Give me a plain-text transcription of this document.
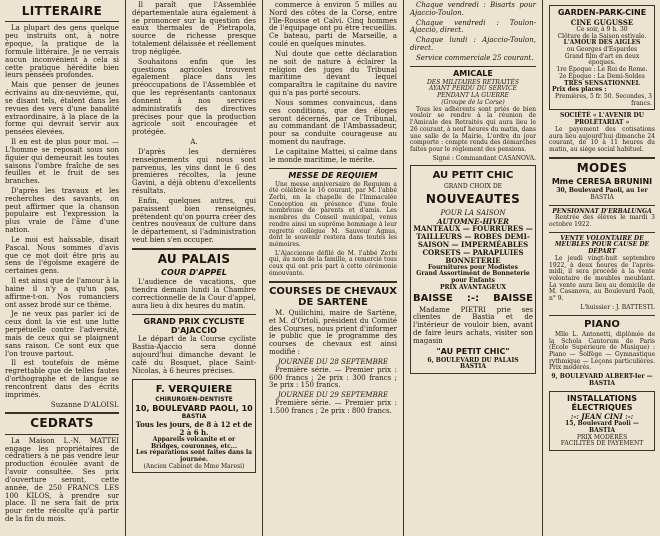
LITTERAIRE

La plupart des gens quelque peu instruits ont, à notre époque, la pratique de la formule littéraire. Je ne verrais aucun inconvénient à cela si cette pratique hérédite bien leurs pensées profondes.

Mais que penser de jeunes écrivains au dix-neuvième, qui, se disant tels, étalent dans les revues des vers d'une banalité extraordinaire, à la place de la forme qui devrait servir aux pensées élevées.

Il en est de plus pour moi. — L'homme se reposait sous son figuier qui demeurait les toutes saisons l'ombre fraîche de ses feuilles et le fruit de ses branches.

D'après les travaux et les recherches des savants, on peut affirmer que la chanson populaire est l'expression la plus vraie de l'âme d'une nation.

Le moi est haïssable, disait Pascal. Nous sommes d'avis que ce mot doit être pris au sens de l'égoïsme exagéré de certaines gens.

Il est ainsi que de l'amour à la haine il n'y a qu'un pas, affirme-t-on. Nos romanciers ont assez brodé sur ce thème.

Je ne veux pas parler ici de ceux dont la vie est une lutte perpétuelle contre l'adversité, mais de ceux qui se plaignent sans raison. Ce sont eux que l'on trouve partout.

Il est toutefois de même regrettable que de telles fautes d'orthographe et de langue se rencontrent dans des écrits imprimés.

Suzanne D'ALOISI.

CEDRATS

La Maison L.-N. MATTEI engage les propriétaires de cédratiers à ne pas vendre leur production écoulée avant de l'avoir consultée. Ses prix d'ouverture seront, cette année, de 250 FRANCS LES 100 KILOS, à prendre sur place. Il ne sera fait de prix pour cette récolte qu'à partir de la fin du mois.

Il paraît que l'Assemblée départementale aura également à se prononcer sur la question des eaux thermales de Pietrapola, source de richesse presque totalement délaissée et réellement trop négligée.

Souhaitons enfin que les questions agricoles trouvent également place dans les préoccupations de l'Assemblée et que les représentants cantonaux donnent à nos services administratifs des directives précises pour que la production agricole soit encouragée et protégée.

A.

D'après les dernières renseignements qui nous sont parvenus, les vins dont le 6 des premières récoltes, la jeune Gavini, a déjà obtenu d'excellents résultats.

Enfin, quelques autres, qui paraissent bien renseignés, prétendent qu'on pourra créer des centres nouveaux de culture dans le département, si l'administration veut bien s'en occuper.

AU PALAIS
COUR D'APPEL

L'audience de vacations, que tiendra demain lundi la Chambre correctionnelle de la Cour d'appel, aura lieu à dix heures du matin.

GRAND PRIX CYCLISTE D'AJACCIO

Le départ de la Course cycliste Bastia-Ajaccio sera donné aujourd'hui dimanche devant le café du Bosquet, place Saint-Nicolas, à 6 heures précises.

F. VERQUIERE
CHIRURGIEN-DENTISTE
10, BOULEVARD PAOLI, 10
BASTIA
Tous les jours, de 8 à 12 et de 2 à 6 h.
Appareils volcanite et or
Bridges, couronnes, etc...
Les réparations sont faites dans la journée.
(Ancien Cabinet de Mme Maresi)

commerce à environ 5 milles au Nord des côtes de la Corse, entre l'île-Rousse et Calvi. Cinq hommes de l'équipage ont pu être recueillis. Ce bateau, parti de Marseille, a coulé en quelques minutes.

Nul doute que cette déclaration ne soit de nature à éclairer la religion des juges du Tribunal maritime devant lequel comparaîtra le capitaine du navire qui n'a pas porté secours.

Nous sommes convaincus, dans ces conditions, que des éloges seront décernés, par ce Tribunal, au commandant de l'Ambassadeur, pour sa conduite courageuse au moment du naufrage.

Le capitaine Mattei, si calme dans le monde maritime, le mérite.

MESSE DE REQUIEM

Une messe anniversaire de Requiem a été célébrée le 16 courant, par M. l'abbé Zerbi, en la chapelle de l'Immaculée Conception en présence d'une foule nombreuse de parents et d'amis. Les membres du Conseil municipal, venus rendre ainsi un suprême hommage à leur regretté collègue M. Sauveur Agnus, dont le souvenir restera dans toutes les mémoires.

L'Ajaccienne défilé de M. l'abbé Zerbi qui, au nom de la famille, a remercié tous ceux qui ont pris part à cette cérémonie émouvante.

COURSES DE CHEVAUX DE SARTENE

M. Quilichini, maire de Sartène, et M. d'Ortoli, président du Comité des Courses, nous prient d'informer le public que le programme des courses de chevaux est ainsi modifié :

JOURNÉE DU 28 SEPTEMBRE

Première série. — Premier prix : 600 francs ; 2e prix : 300 francs ; 3e prix : 150 francs.

JOURNÉE DU 29 SEPTEMBRE

Première série. — Premier prix : 1.500 francs ; 2e prix : 800 francs.

Chaque vendredi : Bisarts pour Ajaccio-Toulon.

Chaque vendredi : Toulon-Ajaccio, direct.

Chaque lundi : Ajaccio-Toulon, direct.

Service commerciale 25 courant.

AMICALE
DES MILITAIRES RETRAITÉS
AYANT PERDU DU SERVICE
PENDANT LA GUERRE
(Groupe de la Corse)

Tous les adhérents sont priés de bien vouloir se rendre à la réunion de l'Amicale des Retraités qui aura lieu le 26 courant, à neuf heures du matin, dans une salle de la Mairie. L'ordre du jour comporte : compte rendu des démarches faites pour le règlement des pensions.

Signé : Commandant CASANOVA.

AU PETIT CHIC
GRAND CHOIX DE
NOUVEAUTES
POUR LA SAISON
AUTOMNE-HIVER
MANTEAUX — FOURRURES — TAILLEURS — ROBES DEMI-SAISON — IMPERMÉABLES CORSETS — PARAPLUIES BONNETERIE
Fournitures pour Modistes
Grand Assortiment de Bonneterie pour Enfants
PRIX AVANTAGEUX
BAISSE :-: BAISSE

Madame PIETRI prie ses clientes de Bastia et de l'intérieur de vouloir bien, avant de faire leurs achats, visiter son magasin

"AU PETIT CHIC"
6, BOULEVARD DU PALAIS
BASTIA
GARDEN-PARK-CINE
CINE GUGUSSE
Ce soir, à 9 h. 30
Clôture de la Saison estivale.
L'AMOUR DES AIGLES
ou Georges d'Espardes
Grand film d'art en deux époques.
1re Époque : Le Roi de Rome.
2e Époque : La Demi-Soldes
TRÈS SENSATIONNEL
Prix des places :
Premières, 5 fr. 50. Secondes, 3 francs.
SOCIÉTÉ « L'AVENIR DU PROLÉTARIAT »

Le payement des cotisations aura lieu aujourd'hui dimanche 24 courant, de 10 à 11 heures du matin, au siège social habituel.

MODES
Mme CERESA BRUNINI
30, Boulevard Paoli, au 1er
BASTIA
PENSIONNAT D'ERBALUNGA

Rentrée des élèves le mardi 3 octobre 1922.

VENTE VOLONTAIRE DE MEUBLES POUR CAUSE DE DÉPART

Le jeudi vingt-huit septembre 1922, à deux heures de l'après-midi, il sera procédé à la vente volontaire de meubles meublant. La vente aura lieu au domicile de M. Casanova, au Boulevard Paoli, n° 9.

L'huissier : J. BATTESTI.

PIANO

Mlle L. Antonetti, diplômée de la Schola Cantorum de Paris (École Supérieure de Musique) : Piano — Solfège — Gymnastique rythmique — Leçons particulières. Prix modérés.

9, BOULEVARD ALBERT-Ier — BASTIA
INSTALLATIONS ÉLECTRIQUES
:-: JEAN CINI :-:
15, Boulevard Paoli — BASTIA
PRIX MODÉRÉS
FACILITÉS DE PAYEMENT
